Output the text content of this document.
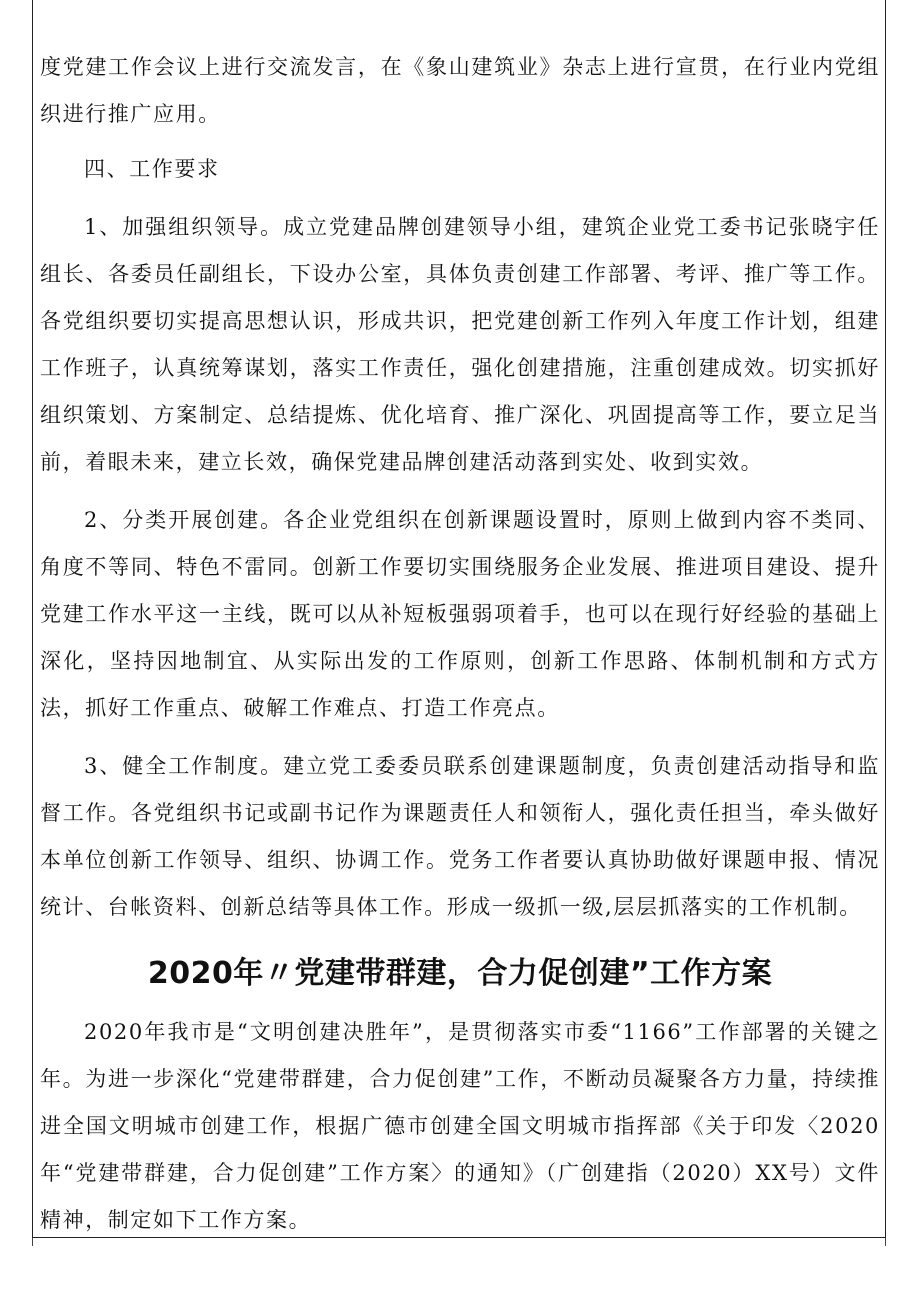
度党建工作会议上进行交流发言，在《象山建筑业》杂志上进行宣贯，在行业内党组织进行推广应用。

四、工作要求

1、加强组织领导。成立党建品牌创建领导小组，建筑企业党工委书记张晓宇任组长、各委员任副组长，下设办公室，具体负责创建工作部署、考评、推广等工作。各党组织要切实提高思想认识，形成共识，把党建创新工作列入年度工作计划，组建工作班子，认真统筹谋划，落实工作责任，强化创建措施，注重创建成效。切实抓好组织策划、方案制定、总结提炼、优化培育、推广深化、巩固提高等工作，要立足当前，着眼未来，建立长效，确保党建品牌创建活动落到实处、收到实效。

2、分类开展创建。各企业党组织在创新课题设置时，原则上做到内容不类同、角度不等同、特色不雷同。创新工作要切实围绕服务企业发展、推进项目建设、提升党建工作水平这一主线，既可以从补短板强弱项着手，也可以在现行好经验的基础上深化，坚持因地制宜、从实际出发的工作原则，创新工作思路、体制机制和方式方法，抓好工作重点、破解工作难点、打造工作亮点。

3、健全工作制度。建立党工委委员联系创建课题制度，负责创建活动指导和监督工作。各党组织书记或副书记作为课题责任人和领衔人，强化责任担当，牵头做好本单位创新工作领导、组织、协调工作。党务工作者要认真协助做好课题申报、情况统计、台帐资料、创新总结等具体工作。形成一级抓一级,层层抓落实的工作机制。

2020年〃党建带群建，合力促创建”工作方案

2020年我市是“文明创建决胜年”，是贯彻落实市委“1166”工作部署的关键之年。为进一步深化“党建带群建，合力促创建”工作，不断动员凝聚各方力量，持续推进全国文明城市创建工作，根据广德市创建全国文明城市指挥部《关于印发〈2020年“党建带群建，合力促创建”工作方案〉的通知》（广创建指（2020）XX号）文件精神，制定如下工作方案。
